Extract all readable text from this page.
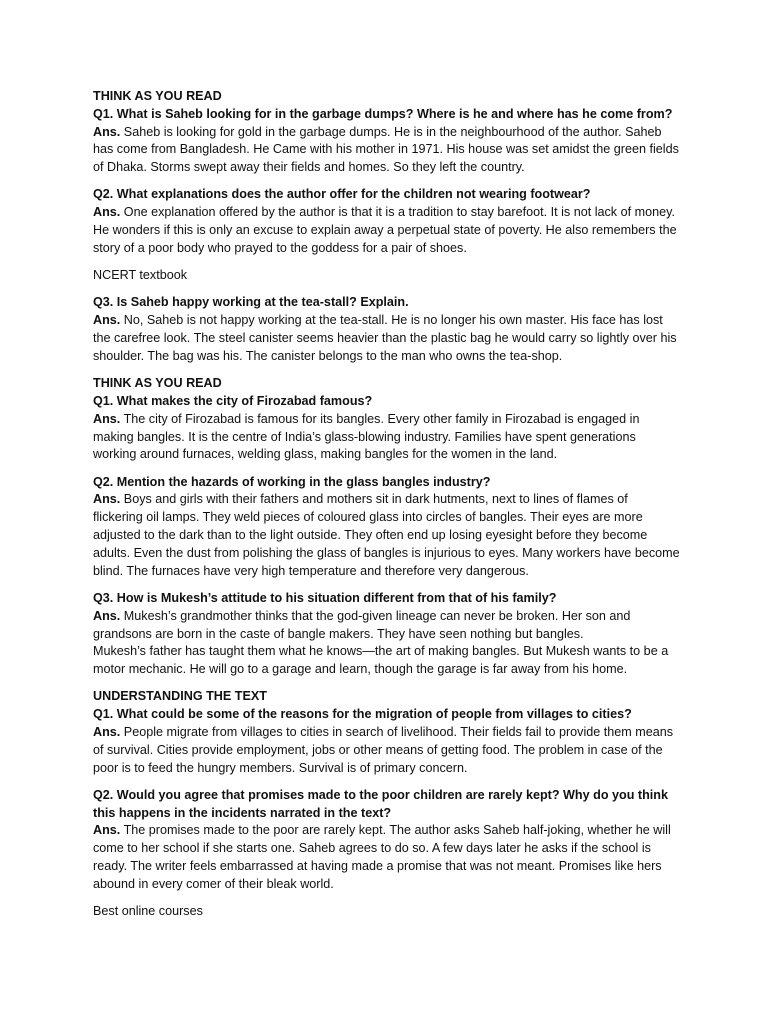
THINK AS YOU READ

Q1. What is Saheb looking for in the garbage dumps? Where is he and where has he come from?

Ans. Saheb is looking for gold in the garbage dumps. He is in the neighbourhood of the author. Saheb has come from Bangladesh. He Came with his mother in 1971. His house was set amidst the green fields of Dhaka. Storms swept away their fields and homes. So they left the country.

Q2. What explanations does the author offer for the children not wearing footwear?

Ans. One explanation offered by the author is that it is a tradition to stay barefoot. It is not lack of money. He wonders if this is only an excuse to explain away a perpetual state of poverty. He also remembers the story of a poor body who prayed to the goddess for a pair of shoes.

NCERT textbook

Q3. Is Saheb happy working at the tea-stall? Explain.

Ans. No, Saheb is not happy working at the tea-stall. He is no longer his own master. His face has lost the carefree look. The steel canister seems heavier than the plastic bag he would carry so lightly over his shoulder. The bag was his. The canister belongs to the man who owns the tea-shop.

THINK AS YOU READ

Q1. What makes the city of Firozabad famous?

Ans. The city of Firozabad is famous for its bangles. Every other family in Firozabad is engaged in making bangles. It is the centre of India’s glass-blowing industry. Families have spent generations working around furnaces, welding glass, making bangles for the women in the land.

Q2. Mention the hazards of working in the glass bangles industry?

Ans. Boys and girls with their fathers and mothers sit in dark hutments, next to lines of flames of flickering oil lamps. They weld pieces of coloured glass into circles of bangles. Their eyes are more adjusted to the dark than to the light outside. They often end up losing eyesight before they become adults. Even the dust from polishing the glass of bangles is injurious to eyes. Many workers have become blind. The furnaces have very high temperature and therefore very dangerous.

Q3. How is Mukesh’s attitude to his situation different from that of his family?

Ans. Mukesh’s grandmother thinks that the god-given lineage can never be broken. Her son and grandsons are born in the caste of bangle makers. They have seen nothing but bangles.

Mukesh’s father has taught them what he knows—the art of making bangles. But Mukesh wants to be a motor mechanic. He will go to a garage and learn, though the garage is far away from his home.

UNDERSTANDING THE TEXT

Q1. What could be some of the reasons for the migration of people from villages to cities?

Ans. People migrate from villages to cities in search of livelihood. Their fields fail to provide them means of survival. Cities provide employment, jobs or other means of getting food. The problem in case of the poor is to feed the hungry members. Survival is of primary concern.

Q2. Would you agree that promises made to the poor children are rarely kept? Why do you think this happens in the incidents narrated in the text?

Ans. The promises made to the poor are rarely kept. The author asks Saheb half-joking, whether he will come to her school if she starts one. Saheb agrees to do so. A few days later he asks if the school is ready. The writer feels embarrassed at having made a promise that was not meant. Promises like hers abound in every comer of their bleak world.

Best online courses
